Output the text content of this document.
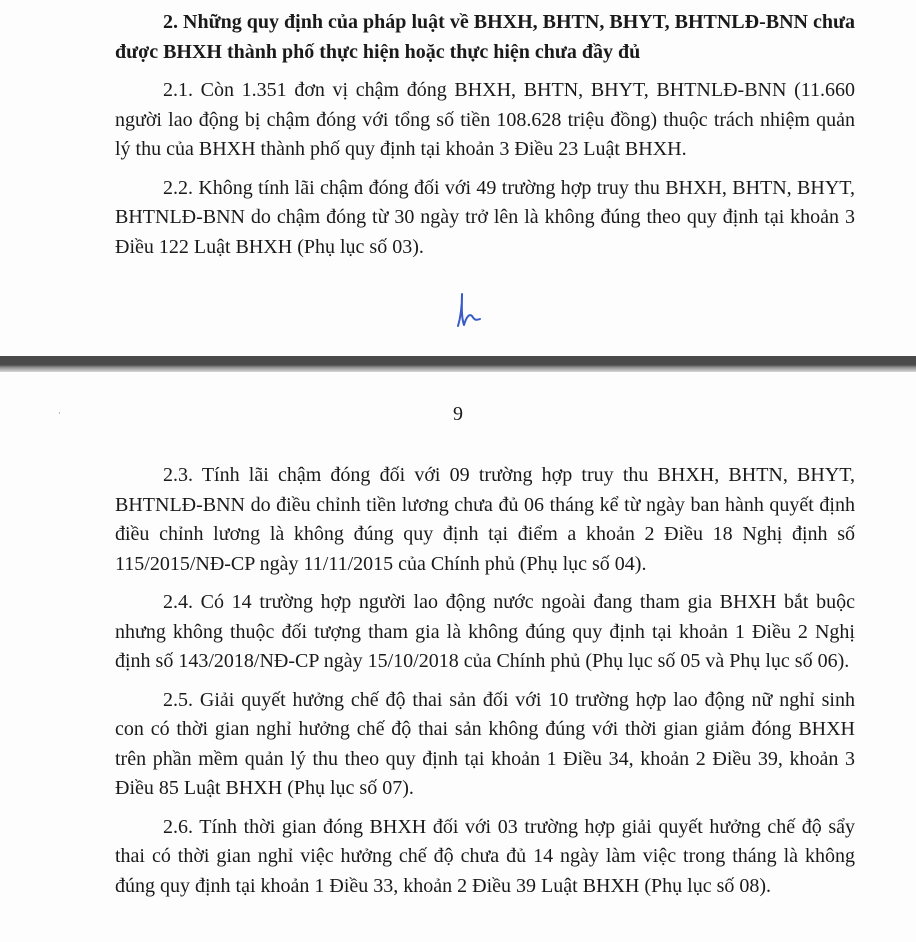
2. Những quy định của pháp luật về BHXH, BHTN, BHYT, BHTNLĐ-BNN chưa được BHXH thành phố thực hiện hoặc thực hiện chưa đầy đủ

2.1. Còn 1.351 đơn vị chậm đóng BHXH, BHTN, BHYT, BHTNLĐ-BNN (11.660 người lao động bị chậm đóng với tổng số tiền 108.628 triệu đồng) thuộc trách nhiệm quản lý thu của BHXH thành phố quy định tại khoản 3 Điều 23 Luật BHXH.

2.2. Không tính lãi chậm đóng đối với 49 trường hợp truy thu BHXH, BHTN, BHYT, BHTNLĐ-BNN do chậm đóng từ 30 ngày trở lên là không đúng theo quy định tại khoản 3 Điều 122 Luật BHXH (Phụ lục số 03).

·	9

2.3. Tính lãi chậm đóng đối với 09 trường hợp truy thu BHXH, BHTN, BHYT, BHTNLĐ-BNN do điều chỉnh tiền lương chưa đủ 06 tháng kể từ ngày ban hành quyết định điều chỉnh lương là không đúng quy định tại điểm a khoản 2 Điều 18 Nghị định số 115/2015/NĐ-CP ngày 11/11/2015 của Chính phủ (Phụ lục số 04).

2.4. Có 14 trường hợp người lao động nước ngoài đang tham gia BHXH bắt buộc nhưng không thuộc đối tượng tham gia là không đúng quy định tại khoản 1 Điều 2 Nghị định số 143/2018/NĐ-CP ngày 15/10/2018 của Chính phủ (Phụ lục số 05 và Phụ lục số 06).

2.5. Giải quyết hưởng chế độ thai sản đối với 10 trường hợp lao động nữ nghỉ sinh con có thời gian nghỉ hưởng chế độ thai sản không đúng với thời gian giảm đóng BHXH trên phần mềm quản lý thu theo quy định tại khoản 1 Điều 34, khoản 2 Điều 39, khoản 3 Điều 85 Luật BHXH (Phụ lục số 07).

2.6. Tính thời gian đóng BHXH đối với 03 trường hợp giải quyết hưởng chế độ sẩy thai có thời gian nghỉ việc hưởng chế độ chưa đủ 14 ngày làm việc trong tháng là không đúng quy định tại khoản 1 Điều 33, khoản 2 Điều 39 Luật BHXH (Phụ lục số 08).
